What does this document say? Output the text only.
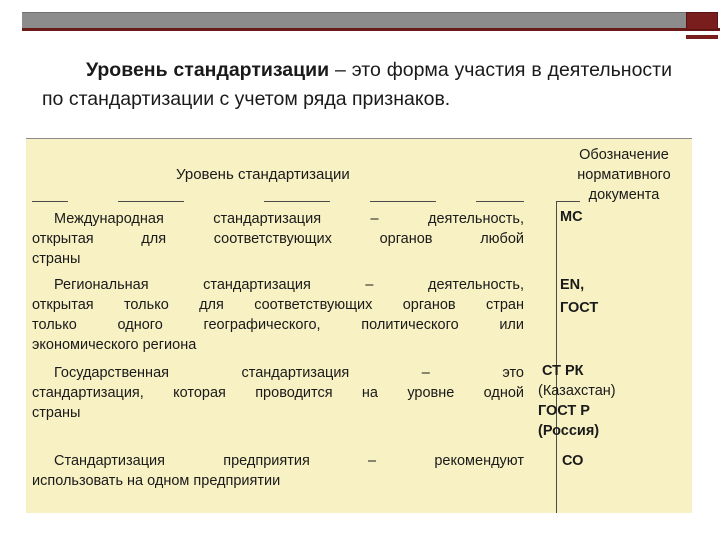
Уровень стандартизации – это форма участия в деятельности по стандартизации с учетом ряда признаков.
Уровень стандартизации
Обозначение
нормативного
документа
Международная стандартизация – деятельность,
открытая для соответствующих органов любой
страны
МС
Региональная стандартизация – деятельность,
открытая только для соответствующих органов стран
только одного географического, политического или
экономического региона
EN,
ГОСТ
Государственная стандартизация – это
стандартизация, которая проводится на уровне одной
страны
СТ РК
(Казахстан)
ГОСТ Р
(Россия)
Стандартизация предприятия – рекомендуют
использовать на одном предприятии
СО
